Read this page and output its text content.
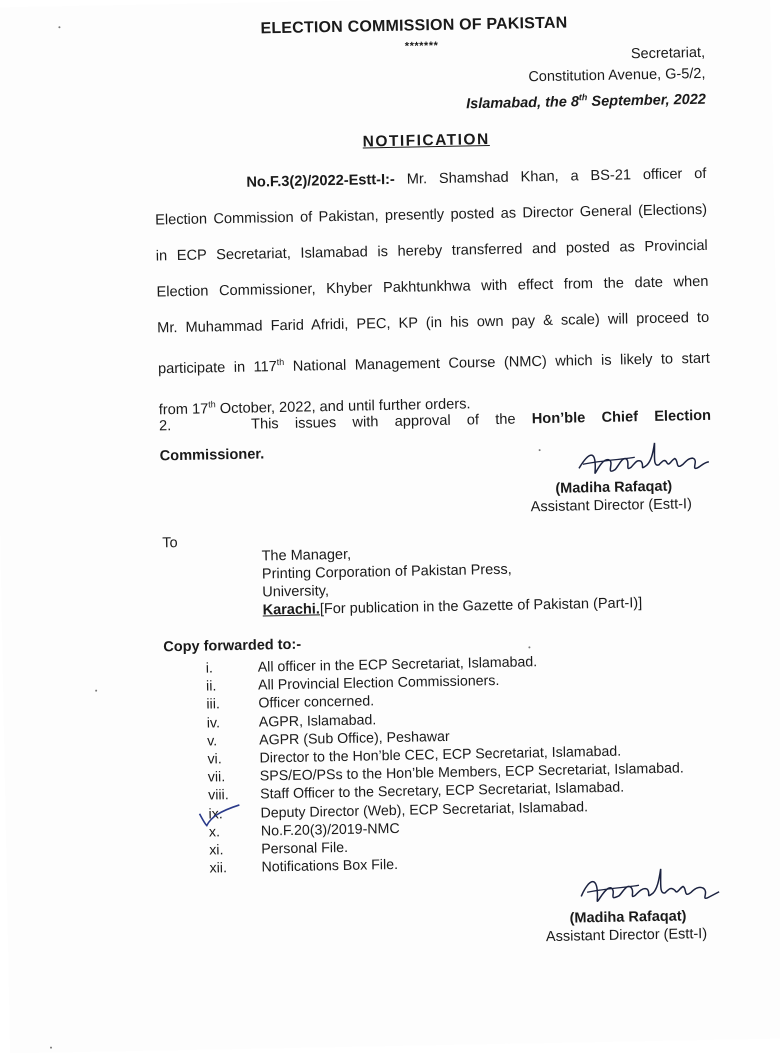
ELECTION COMMISSION OF PAKISTAN
*******	Secretariat,
Constitution Avenue, G-5/2,
Islamabad, the 8th September, 2022
NOTIFICATION
No.F.3(2)/2022-Estt-I:- Mr. Shamshad Khan, a BS-21 officer of
Election Commission of Pakistan, presently posted as Director General (Elections)
in ECP Secretariat, Islamabad is hereby transferred and posted as Provincial
Election Commissioner, Khyber Pakhtunkhwa with effect from the date when
Mr. Muhammad Farid Afridi, PEC, KP (in his own pay & scale) will proceed to
participate in 117th National Management Course (NMC) which is likely to start
from 17th October, 2022, and until further orders.
2.	This issues with approval of the Hon’ble Chief Election
Commissioner.
(Madiha Rafaqat)
Assistant Director (Estt-I)
To
The Manager,
Printing Corporation of Pakistan Press,
University,
Karachi.[For publication in the Gazette of Pakistan (Part-I)]
Copy forwarded to:-
i.	All officer in the ECP Secretariat, Islamabad.
ii.	All Provincial Election Commissioners.
iii.	Officer concerned.
iv.	AGPR, Islamabad.
v.	AGPR (Sub Office), Peshawar
vi.	Director to the Hon’ble CEC, ECP Secretariat, Islamabad.
vii.	SPS/EO/PSs to the Hon’ble Members, ECP Secretariat, Islamabad.
viii.	Staff Officer to the Secretary, ECP Secretariat, Islamabad.
ix.	Deputy Director (Web), ECP Secretariat, Islamabad.
x.	No.F.20(3)/2019-NMC
xi.	Personal File.
xii.	Notifications Box File.
(Madiha Rafaqat)
Assistant Director (Estt-I)
